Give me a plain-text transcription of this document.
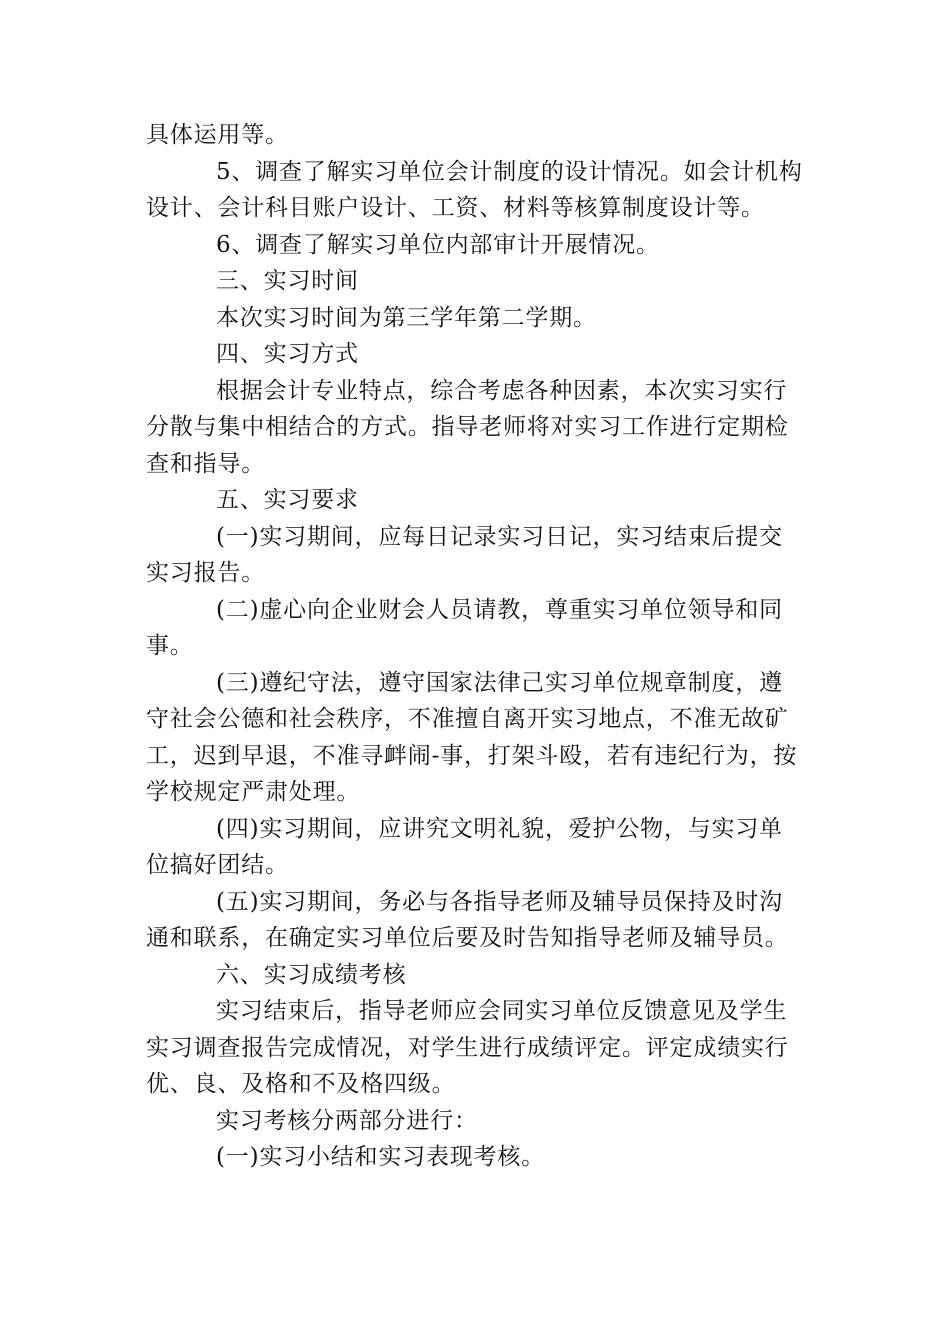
具体运用等。
5、调查了解实习单位会计制度的设计情况。如会计机构
设计、会计科目账户设计、工资、材料等核算制度设计等。
6、调查了解实习单位内部审计开展情况。
三、实习时间
本次实习时间为第三学年第二学期。
四、实习方式
根据会计专业特点，综合考虑各种因素，本次实习实行
分散与集中相结合的方式。指导老师将对实习工作进行定期检
查和指导。
五、实习要求
(一)实习期间，应每日记录实习日记，实习结束后提交
实习报告。
(二)虚心向企业财会人员请教，尊重实习单位领导和同
事。
(三)遵纪守法，遵守国家法律己实习单位规章制度，遵
守社会公德和社会秩序，不准擅自离开实习地点，不准无故矿
工，迟到早退，不准寻衅闹-事，打架斗殴，若有违纪行为，按
学校规定严肃处理。
(四)实习期间，应讲究文明礼貌，爱护公物，与实习单
位搞好团结。
(五)实习期间，务必与各指导老师及辅导员保持及时沟
通和联系，在确定实习单位后要及时告知指导老师及辅导员。
六、实习成绩考核
实习结束后，指导老师应会同实习单位反馈意见及学生
实习调查报告完成情况，对学生进行成绩评定。评定成绩实行
优、良、及格和不及格四级。
实习考核分两部分进行：
(一)实习小结和实习表现考核。
